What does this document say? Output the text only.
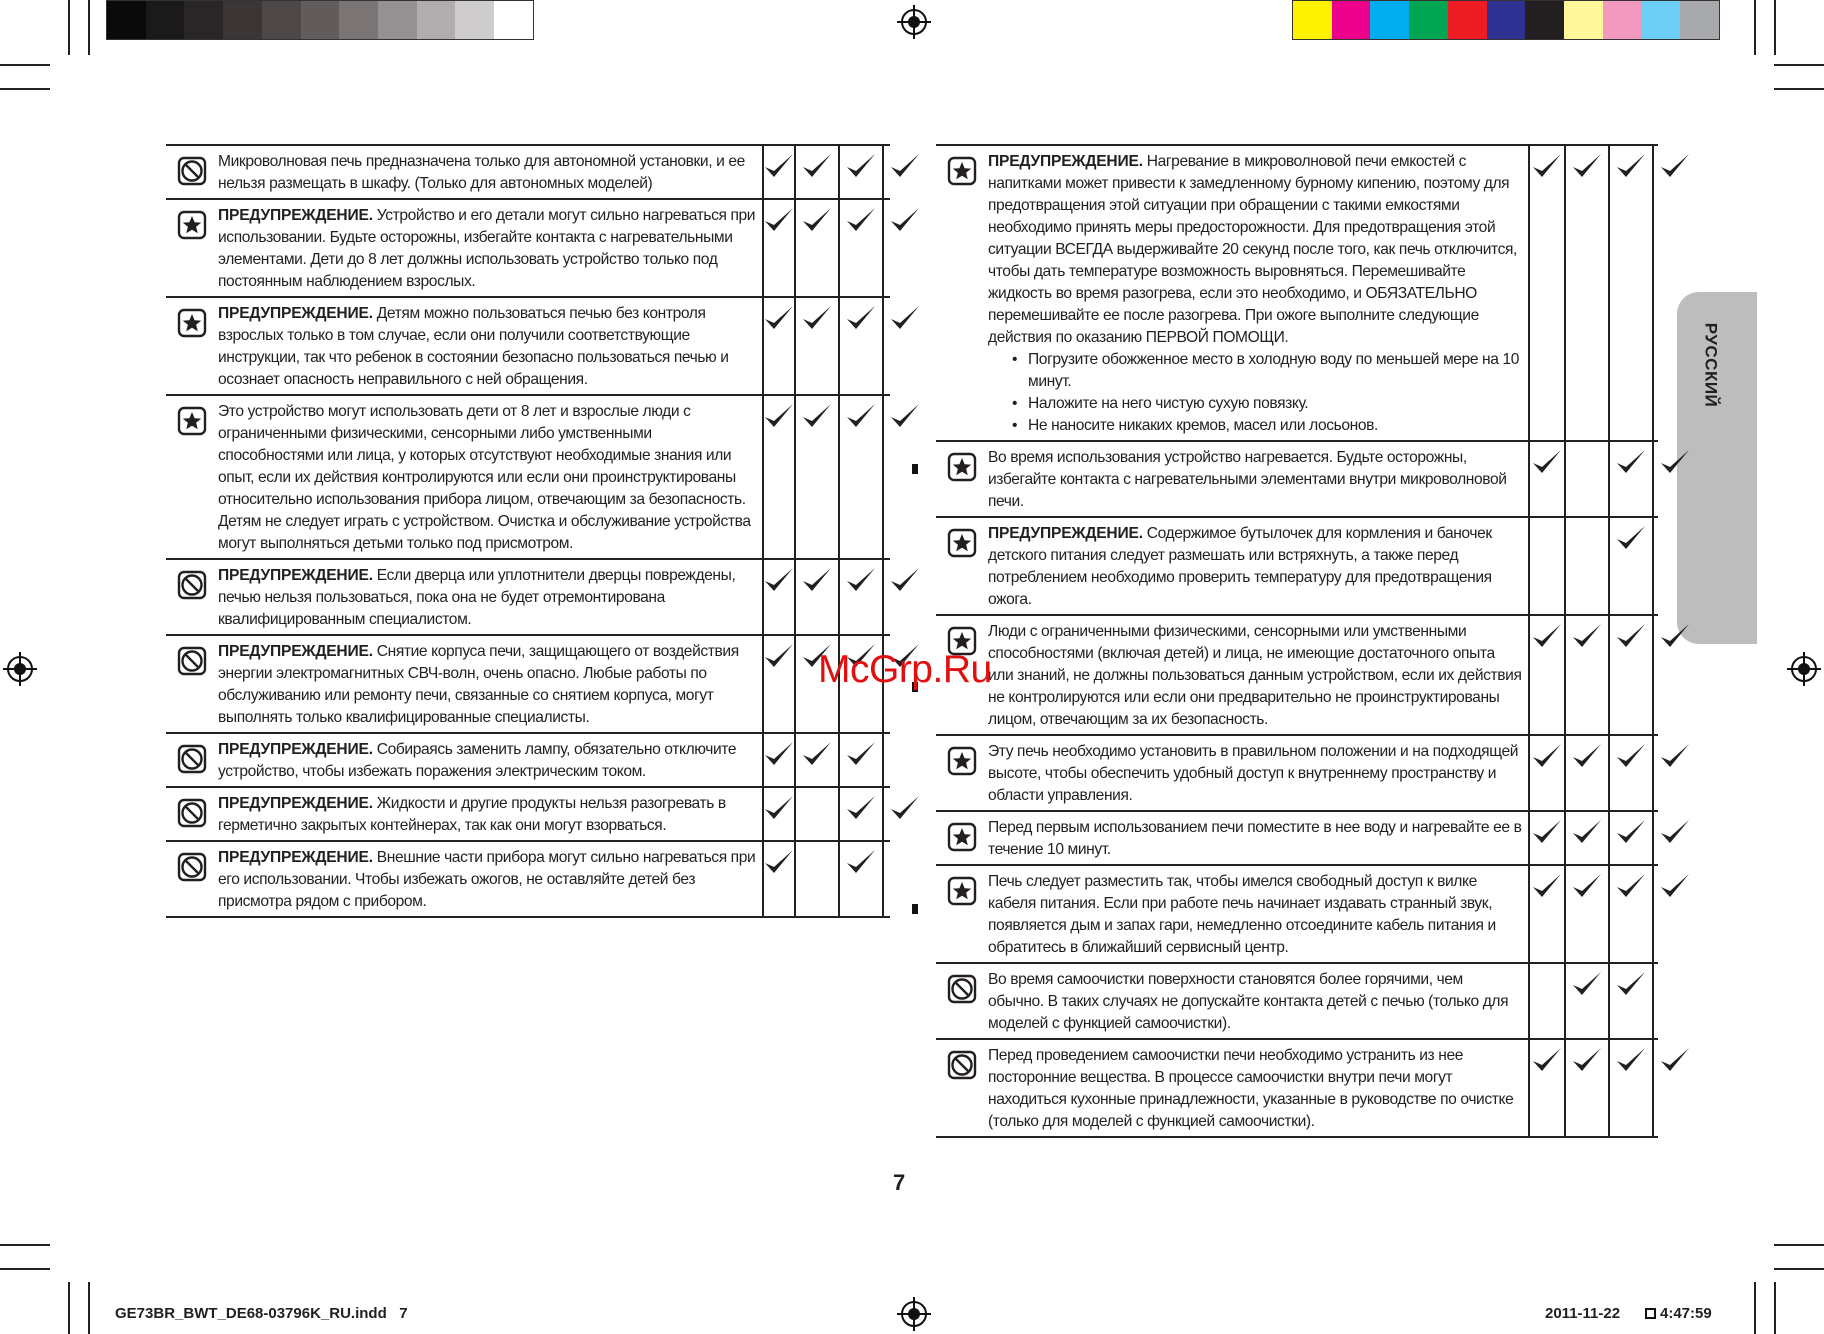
РУССКИЙ
Микроволновая печь предназначена только для автономной установки, и ее нельзя размещать в шкафу. (Только для автономных моделей)
ПРЕДУПРЕЖДЕНИЕ. Устройство и его детали могут сильно нагреваться при использовании. Будьте осторожны, избегайте контакта с нагревательными элементами. Дети до 8 лет должны использовать устройство только под постоянным наблюдением взрослых.
ПРЕДУПРЕЖДЕНИЕ. Детям можно пользоваться печью без контроля взрослых только в том случае, если они получили соответствующие инструкции, так что ребенок в состоянии безопасно пользоваться печью и осознает опасность неправильного с ней обращения.
Это устройство могут использовать дети от 8 лет и взрослые люди с ограниченными физическими, сенсорными либо умственными способностями или лица, у которых отсутствуют необходимые знания или опыт, если их действия контролируются или если они проинструктированы относительно использования прибора лицом, отвечающим за безопасность. Детям не следует играть с устройством. Очистка и обслуживание устройства могут выполняться детьми только под присмотром.
ПРЕДУПРЕЖДЕНИЕ. Если дверца или уплотнители дверцы повреждены, печью нельзя пользоваться, пока она не будет отремонтирована квалифицированным специалистом.
ПРЕДУПРЕЖДЕНИЕ. Снятие корпуса печи, защищающего от воздействия энергии электромагнитных СВЧ-волн, очень опасно. Любые работы по обслуживанию или ремонту печи, связанные со снятием корпуса, могут выполнять только квалифицированные специалисты.
ПРЕДУПРЕЖДЕНИЕ. Собираясь заменить лампу, обязательно отключите устройство, чтобы избежать поражения электрическим током.
ПРЕДУПРЕЖДЕНИЕ. Жидкости и другие продукты нельзя разогревать в герметично закрытых контейнерах, так как они могут взорваться.
ПРЕДУПРЕЖДЕНИЕ. Внешние части прибора могут сильно нагреваться при его использовании. Чтобы избежать ожогов, не оставляйте детей без присмотра рядом с прибором.
ПРЕДУПРЕЖДЕНИЕ. Нагревание в микроволновой печи емкостей с напитками может привести к замедленному бурному кипению, поэтому для предотвращения этой ситуации при обращении с такими емкостями необходимо принять меры предосторожности. Для предотвращения этой ситуации ВСЕГДА выдерживайте 20 секунд после того, как печь отключится, чтобы дать температуре возможность выровняться. Перемешивайте жидкость во время разогрева, если это необходимо, и ОБЯЗАТЕЛЬНО перемешивайте ее после разогрева. При ожоге выполните следующие действия по оказанию ПЕРВОЙ ПОМОЩИ.
• Погрузите обожженное место в холодную воду по меньшей мере на 10 минут.
• Наложите на него чистую сухую повязку.
• Не наносите никаких кремов, масел или лосьонов.
Во время использования устройство нагревается. Будьте осторожны, избегайте контакта с нагревательными элементами внутри микроволновой печи.
ПРЕДУПРЕЖДЕНИЕ. Содержимое бутылочек для кормления и баночек детского питания следует размешать или встряхнуть, а также перед потреблением необходимо проверить температуру для предотвращения ожога.
Люди с ограниченными физическими, сенсорными или умственными способностями (включая детей) и лица, не имеющие достаточного опыта или знаний, не должны пользоваться данным устройством, если их действия не контролируются или если они предварительно не проинструктированы лицом, отвечающим за их безопасность.
Эту печь необходимо установить в правильном положении и на подходящей высоте, чтобы обеспечить удобный доступ к внутреннему пространству и области управления.
Перед первым использованием печи поместите в нее воду и нагревайте ее в течение 10 минут.
Печь следует разместить так, чтобы имелся свободный доступ к вилке кабеля питания. Если при работе печь начинает издавать странный звук, появляется дым и запах гари, немедленно отсоедините кабель питания и обратитесь в ближайший сервисный центр.
Во время самоочистки поверхности становятся более горячими, чем обычно. В таких случаях не допускайте контакта детей с печью (только для моделей с функцией самоочистки).
Перед проведением самоочистки печи необходимо устранить из нее посторонние вещества. В процессе самоочистки внутри печи могут находиться кухонные принадлежности, указанные в руководстве по очистке (только для моделей с функцией самоочистки).
McGrp.Ru
7
GE73BR_BWT_DE68-03796K_RU.indd   7	2011-11-22	4:47:59
